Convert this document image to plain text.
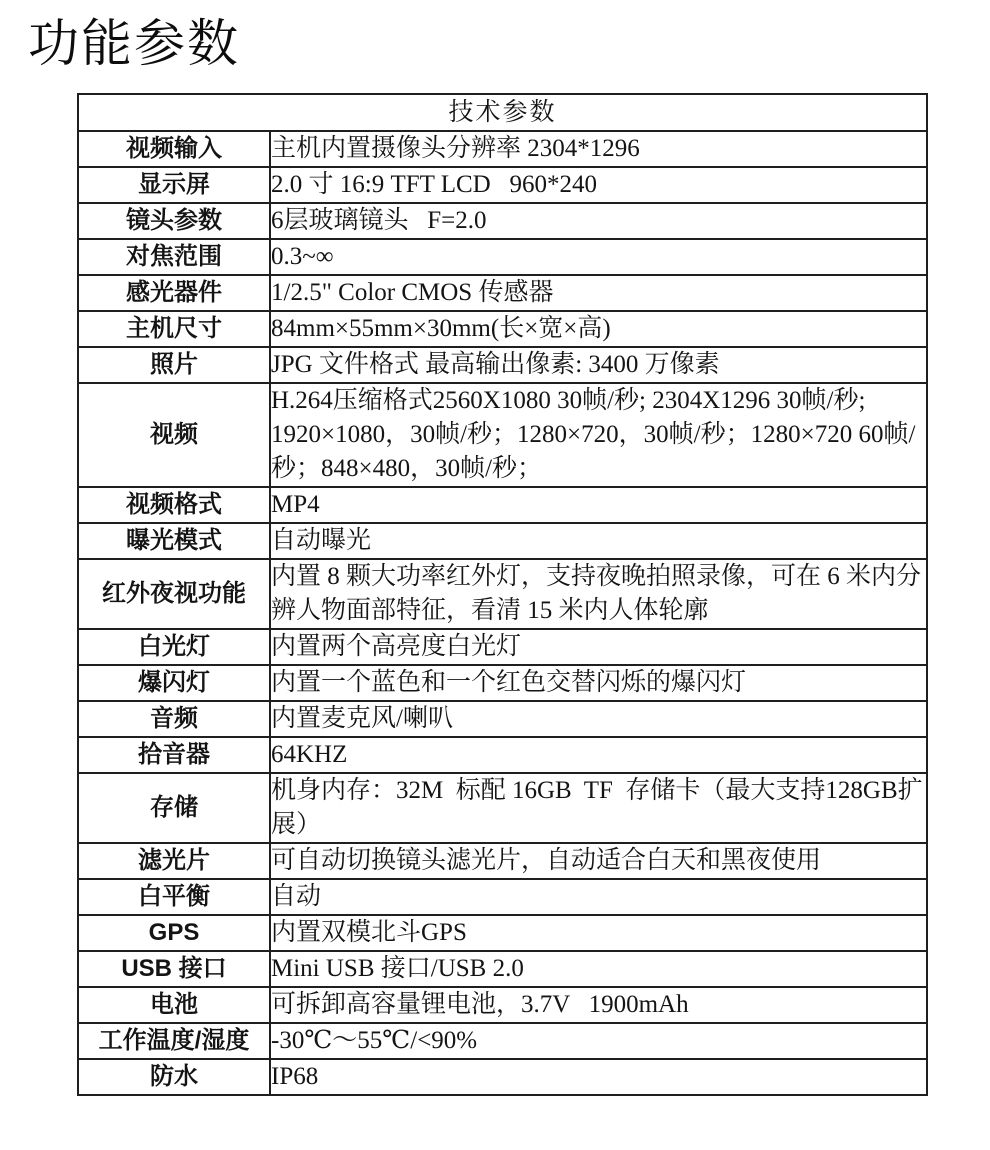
功能参数
技术参数	
视频输入	主机内置摄像头分辨率 2304*1296
显示屏	2.0 寸 16:9 TFT LCD   960*240
镜头参数	6层玻璃镜头   F=2.0
对焦范围	0.3~∞
感光器件	1/2.5" Color CMOS 传感器
主机尺寸	84mm×55mm×30mm(长×宽×高)
照片	JPG 文件格式 最高输出像素: 3400 万像素
视频	H.264压缩格式2560X1080 30帧/秒; 2304X1296 30帧/秒; 1920×1080，30帧/秒；1280×720，30帧/秒；1280×720 60帧/秒；848×480，30帧/秒；
视频格式	MP4
曝光模式	自动曝光
红外夜视功能	内置 8 颗大功率红外灯，支持夜晚拍照录像，可在 6 米内分辨人物面部特征，看清 15 米内人体轮廓
白光灯	内置两个高亮度白光灯
爆闪灯	内置一个蓝色和一个红色交替闪烁的爆闪灯
音频	内置麦克风/喇叭
拾音器	64KHZ
存储	机身内存：32M  标配 16GB  TF  存储卡（最大支持128GB扩展）
滤光片	可自动切换镜头滤光片，自动适合白天和黑夜使用
白平衡	自动
GPS	内置双模北斗GPS
USB 接口	Mini USB 接口/USB 2.0
电池	可拆卸高容量锂电池，3.7V   1900mAh
工作温度/湿度	-30℃～55℃/<90%
防水	IP68
